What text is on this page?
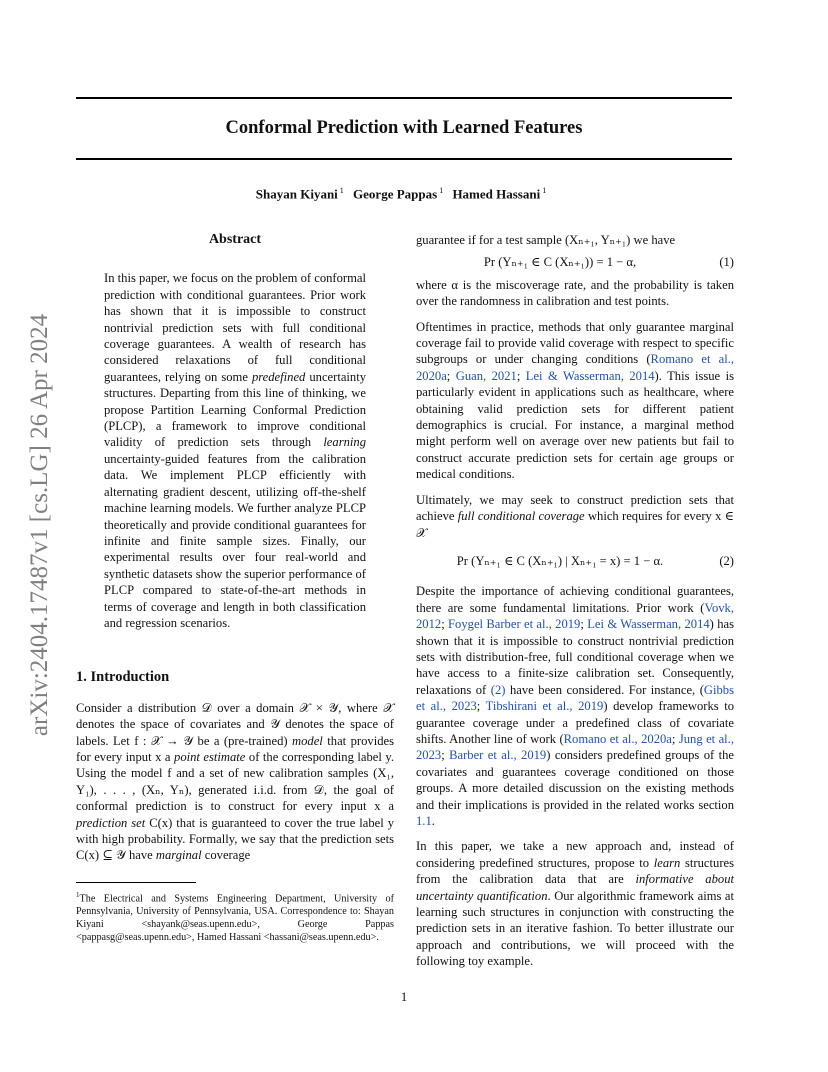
Conformal Prediction with Learned Features

Shayan Kiyani $^1$ George Pappas $^1$ Hamed Hassani $^1$

arXiv:2404.17487v1 [cs.LG] 26 Apr 2024
Abstract

In this paper, we focus on the problem of conformal prediction with conditional guarantees. Prior work has shown that it is impossible to construct nontrivial prediction sets with full conditional coverage guarantees. A wealth of research has considered relaxations of full conditional guarantees, relying on some predefined uncertainty structures. Departing from this line of thinking, we propose Partition Learning Conformal Prediction (PLCP), a framework to improve conditional validity of prediction sets through learning uncertainty-guided features from the calibration data. We implement PLCP efficiently with alternating gradient descent, utilizing off-the-shelf machine learning models. We further analyze PLCP theoretically and provide conditional guarantees for infinite and finite sample sizes. Finally, our experimental results over four real-world and synthetic datasets show the superior performance of PLCP compared to state-of-the-art methods in terms of coverage and length in both classification and regression scenarios.

1. Introduction

Consider a distribution 𝒟 over a domain 𝒳 × 𝒴, where 𝒳 denotes the space of covariates and 𝒴 denotes the space of labels. Let f : 𝒳 → 𝒴 be a (pre-trained) model that provides for every input x a point estimate of the corresponding label y. Using the model f and a set of new calibration samples (X₁, Y₁), . . . , (Xₙ, Yₙ), generated i.i.d. from 𝒟, the goal of conformal prediction is to construct for every input x a prediction set C(x) that is guaranteed to cover the true label y with high probability. Formally, we say that the prediction sets C(x) ⊆ 𝒴 have marginal coverage

$^1$The Electrical and Systems Engineering Department, University of Pennsylvania, University of Pennsylvania, USA. Correspondence to: Shayan Kiyani <shayank@seas.upenn.edu>, George Pappas <pappasg@seas.upenn.edu>, Hamed Hassani <hassani@seas.upenn.edu>.

guarantee if for a test sample (Xₙ₊₁, Yₙ₊₁) we have

Pr (Yₙ₊₁ ∈ C (Xₙ₊₁)) = 1 − α,	(1)

where α is the miscoverage rate, and the probability is taken over the randomness in calibration and test points.

Oftentimes in practice, methods that only guarantee marginal coverage fail to provide valid coverage with respect to specific subgroups or under changing conditions (Romano et al., 2020a; Guan, 2021; Lei & Wasserman, 2014). This issue is particularly evident in applications such as healthcare, where obtaining valid prediction sets for different patient demographics is crucial. For instance, a marginal method might perform well on average over new patients but fail to construct accurate prediction sets for certain age groups or medical conditions.

Ultimately, we may seek to construct prediction sets that achieve full conditional coverage which requires for every x ∈ 𝒳

Pr (Yₙ₊₁ ∈ C (Xₙ₊₁) | Xₙ₊₁ = x) = 1 − α.	(2)

Despite the importance of achieving conditional guarantees, there are some fundamental limitations. Prior work (Vovk, 2012; Foygel Barber et al., 2019; Lei & Wasserman, 2014) has shown that it is impossible to construct nontrivial prediction sets with distribution-free, full conditional coverage when we have access to a finite-size calibration set. Consequently, relaxations of (2) have been considered. For instance, (Gibbs et al., 2023; Tibshirani et al., 2019) develop frameworks to guarantee coverage under a predefined class of covariate shifts. Another line of work (Romano et al., 2020a; Jung et al., 2023; Barber et al., 2019) considers predefined groups of the covariates and guarantees coverage conditioned on those groups. A more detailed discussion on the existing methods and their implications is provided in the related works section 1.1.

In this paper, we take a new approach and, instead of considering predefined structures, propose to learn structures from the calibration data that are informative about uncertainty quantification. Our algorithmic framework aims at learning such structures in conjunction with constructing the prediction sets in an iterative fashion. To better illustrate our approach and contributions, we will proceed with the following toy example.

1
